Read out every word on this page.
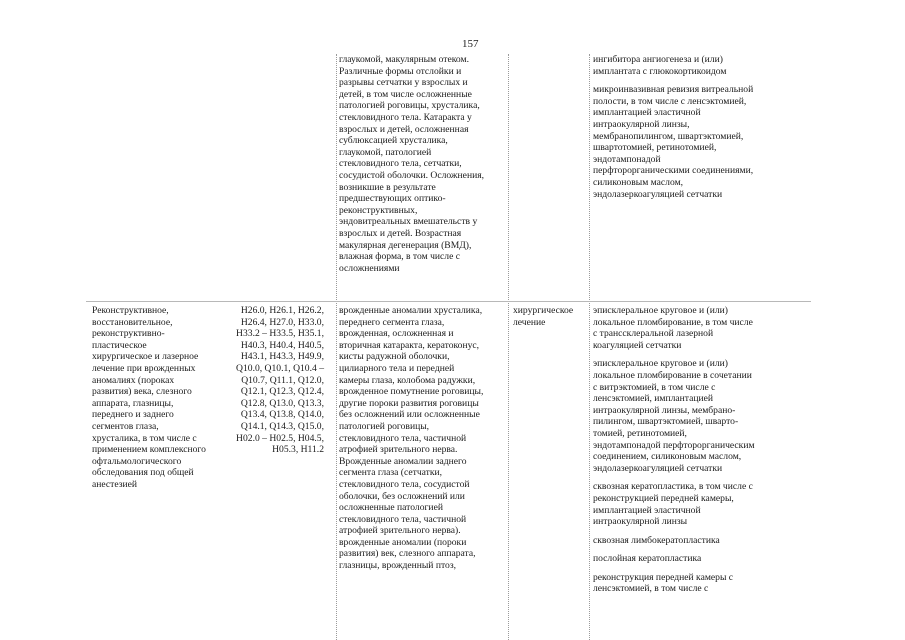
157
глаукомой, макулярным отеком.
Различные формы отслойки и
разрывы сетчатки у взрослых и
детей, в том числе осложненные
патологией роговицы, хрусталика,
стекловидного тела. Катаракта у
взрослых и детей, осложненная
сублюксацией хрусталика,
глаукомой, патологией
стекловидного тела, сетчатки,
сосудистой оболочки. Осложнения,
возникшие в результате
предшествующих оптико-
реконструктивных,
эндовитреальных вмешательств у
взрослых и детей. Возрастная
макулярная дегенерация (ВМД),
влажная форма, в том числе с
осложнениями
ингибитора ангиогенеза и (или)
имплантата с глюкокортикоидом
микроинвазивная ревизия витреальной
полости, в том числе с ленсэктомией,
имплантацией эластичной
интраокулярной линзы,
мембранопилингом, швартэктомией,
швартотомией, ретинотомией,
эндотампонадой
перфторорганическими соединениями,
силиконовым маслом,
эндолазеркоагуляцией сетчатки
Реконструктивное,
восстановительное,
реконструктивно-
пластическое
хирургическое и лазерное
лечение при врожденных
аномалиях (пороках
развития) века, слезного
аппарата, глазницы,
переднего и заднего
сегментов глаза,
хрусталика, в том числе с
применением комплексного
офтальмологического
обследования под общей
анестезией
H26.0, H26.1, H26.2,
H26.4, H27.0, H33.0,
H33.2 – H33.5, H35.1,
H40.3, H40.4, H40.5,
H43.1, H43.3, H49.9,
Q10.0, Q10.1, Q10.4 –
Q10.7, Q11.1, Q12.0,
Q12.1, Q12.3, Q12.4,
Q12.8, Q13.0, Q13.3,
Q13.4, Q13.8, Q14.0,
Q14.1, Q14.3, Q15.0,
H02.0 – H02.5, H04.5,
H05.3, H11.2
врожденные аномалии хрусталика,
переднего сегмента глаза,
врожденная, осложненная и
вторичная катаракта, кератоконус,
кисты радужной оболочки,
цилиарного тела и передней
камеры глаза, колобома радужки,
врожденное помутнение роговицы,
другие пороки развития роговицы
без осложнений или осложненные
патологией роговицы,
стекловидного тела, частичной
атрофией зрительного нерва.
Врожденные аномалии заднего
сегмента глаза (сетчатки,
стекловидного тела, сосудистой
оболочки, без осложнений или
осложненные патологией
стекловидного тела, частичной
атрофией зрительного нерва).
врожденные аномалии (пороки
развития) век, слезного аппарата,
глазницы, врожденный птоз,
хирургическое
лечение
эписклеральное круговое и (или)
локальное пломбирование, в том числе
с транссклеральной лазерной
коагуляцией сетчатки
эписклеральное круговое и (или)
локальное пломбирование в сочетании
с витрэктомией, в том числе с
ленсэктомией, имплантацией
интраокулярной линзы, мембрано-
пилингом, швартэктомией, шварто-
томией, ретинотомией,
эндотампонадой перфторорганическим
соединением, силиконовым маслом,
эндолазеркоагуляцией сетчатки
сквозная кератопластика, в том числе с
реконструкцией передней камеры,
имплантацией эластичной
интраокулярной линзы
сквозная лимбокератопластика
послойная кератопластика
реконструкция передней камеры с
ленсэктомией, в том числе с
